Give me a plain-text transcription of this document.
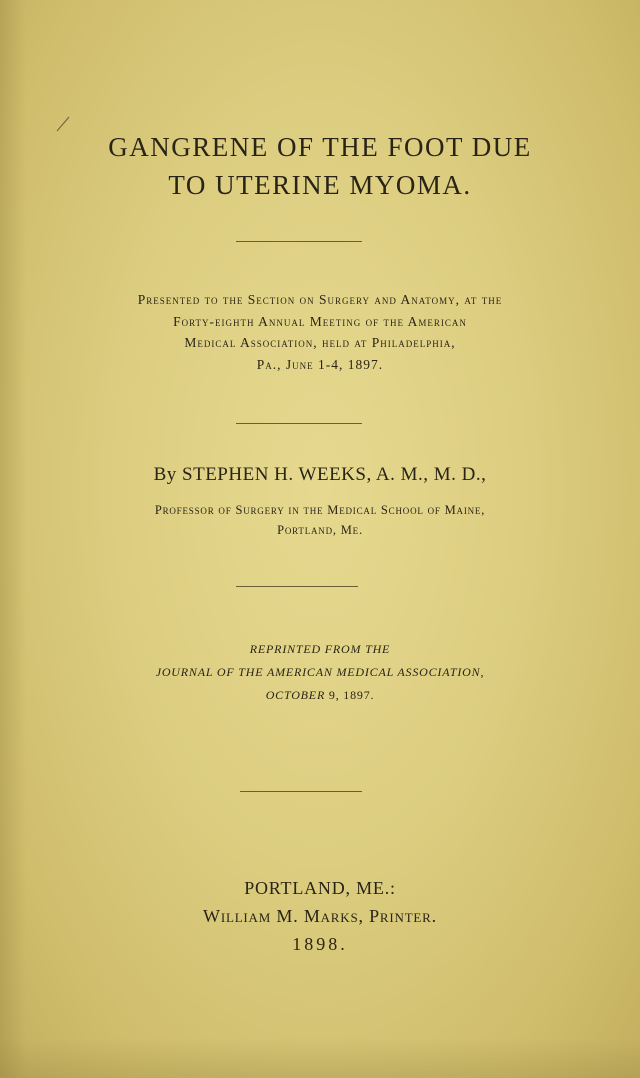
GANGRENE OF THE FOOT DUE
TO UTERINE MYOMA.
Presented to the Section on Surgery and Anatomy, at the
Forty-eighth Annual Meeting of the American
Medical Association, held at Philadelphia,
Pa., June 1-4, 1897.
By STEPHEN H. WEEKS, A. M., M. D.,
Professor of Surgery in the Medical School of Maine,
Portland, Me.
REPRINTED FROM THE
JOURNAL OF THE AMERICAN MEDICAL ASSOCIATION,
OCTOBER 9, 1897.
PORTLAND, ME.:
William M. Marks, Printer.
1898.
